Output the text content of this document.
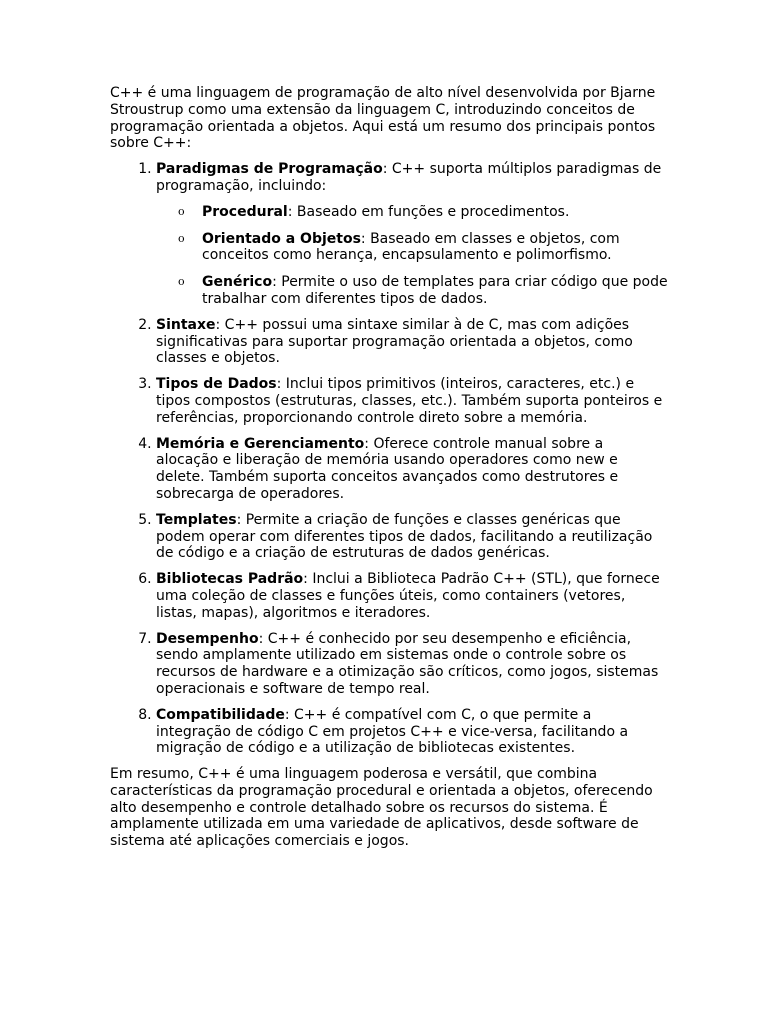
C++ é uma linguagem de programação de alto nível desenvolvida por Bjarne Stroustrup como uma extensão da linguagem C, introduzindo conceitos de programação orientada a objetos. Aqui está um resumo dos principais pontos sobre C++:

1. Paradigmas de Programação: C++ suporta múltiplos paradigmas de programação, incluindo:
o Procedural: Baseado em funções e procedimentos.
o Orientado a Objetos: Baseado em classes e objetos, com conceitos como herança, encapsulamento e polimorfismo.
o Genérico: Permite o uso de templates para criar código que pode trabalhar com diferentes tipos de dados.
2. Sintaxe: C++ possui uma sintaxe similar à de C, mas com adições significativas para suportar programação orientada a objetos, como classes e objetos.
3. Tipos de Dados: Inclui tipos primitivos (inteiros, caracteres, etc.) e tipos compostos (estruturas, classes, etc.). Também suporta ponteiros e referências, proporcionando controle direto sobre a memória.
4. Memória e Gerenciamento: Oferece controle manual sobre a alocação e liberação de memória usando operadores como new e delete. Também suporta conceitos avançados como destrutores e sobrecarga de operadores.
5. Templates: Permite a criação de funções e classes genéricas que podem operar com diferentes tipos de dados, facilitando a reutilização de código e a criação de estruturas de dados genéricas.
6. Bibliotecas Padrão: Inclui a Biblioteca Padrão C++ (STL), que fornece uma coleção de classes e funções úteis, como containers (vetores, listas, mapas), algoritmos e iteradores.
7. Desempenho: C++ é conhecido por seu desempenho e eficiência, sendo amplamente utilizado em sistemas onde o controle sobre os recursos de hardware e a otimização são críticos, como jogos, sistemas operacionais e software de tempo real.
8. Compatibilidade: C++ é compatível com C, o que permite a integração de código C em projetos C++ e vice-versa, facilitando a migração de código e a utilização de bibliotecas existentes.

Em resumo, C++ é uma linguagem poderosa e versátil, que combina características da programação procedural e orientada a objetos, oferecendo alto desempenho e controle detalhado sobre os recursos do sistema. É amplamente utilizada em uma variedade de aplicativos, desde software de sistema até aplicações comerciais e jogos.
